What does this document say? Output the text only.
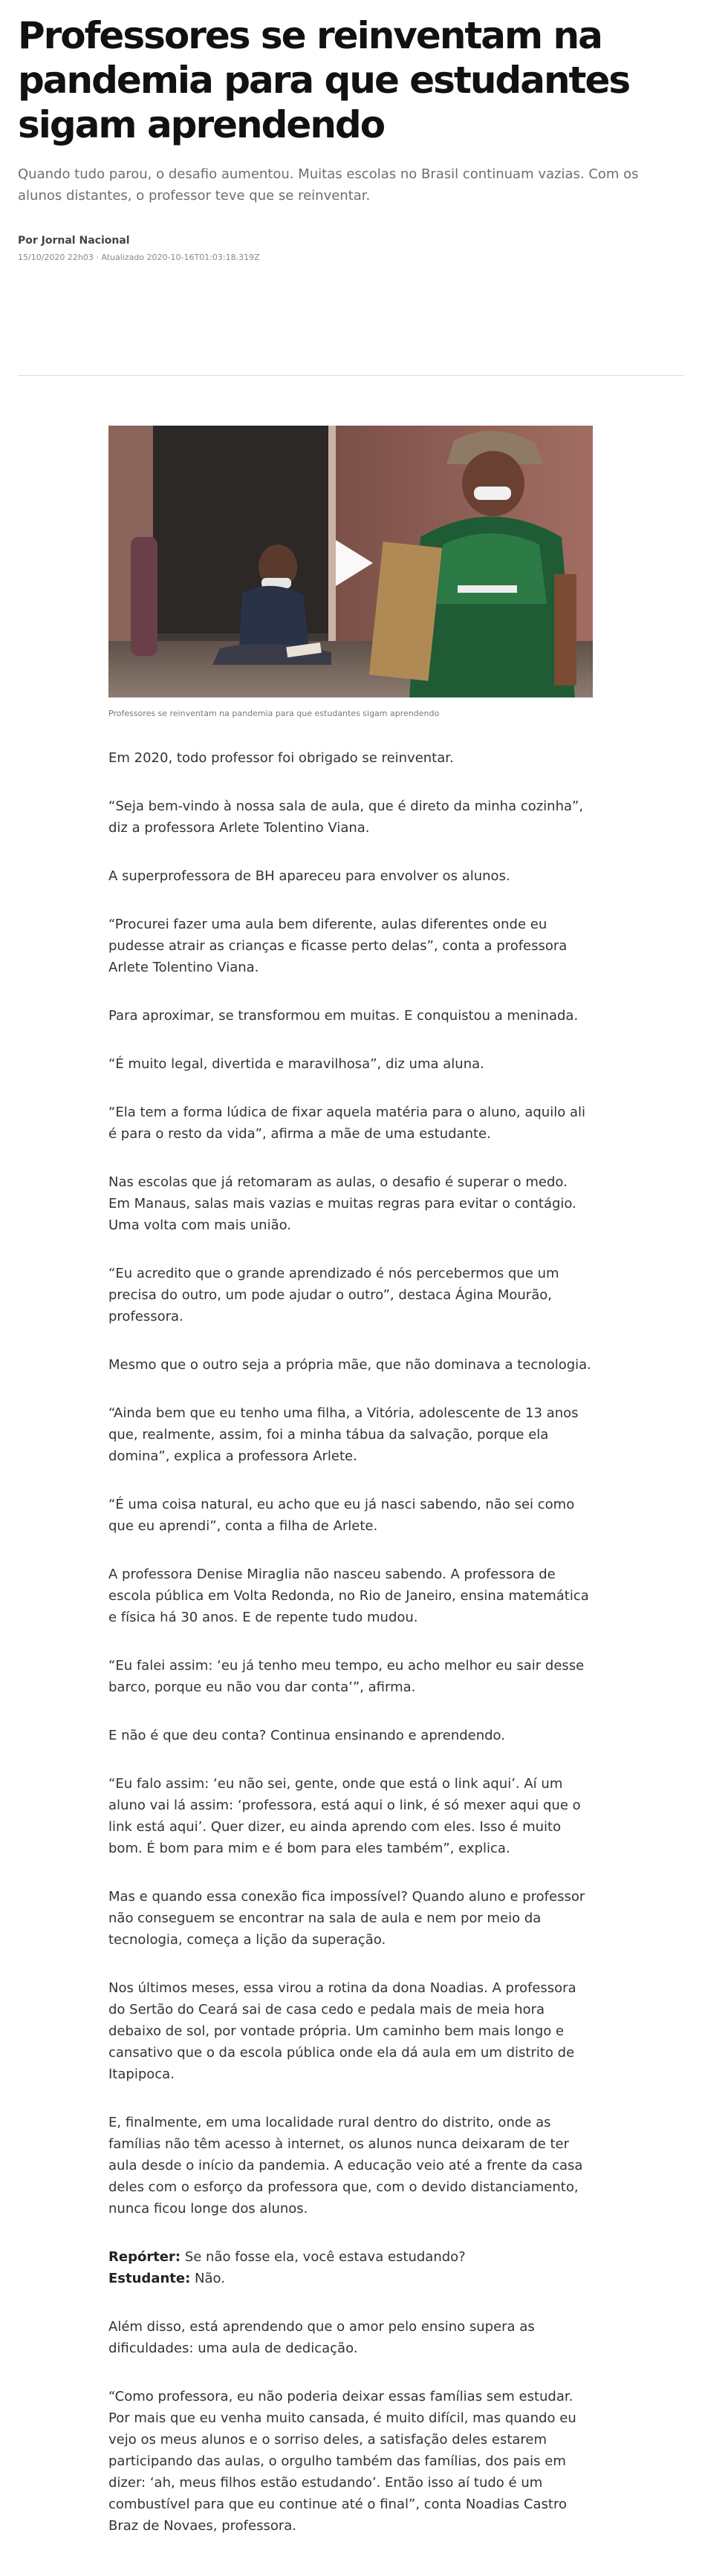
Professores se reinventam na pandemia para que estudantes sigam aprendendo

Quando tudo parou, o desafio aumentou. Muitas escolas no Brasil continuam vazias. Com os alunos distantes, o professor teve que se reinventar.

Por Jornal Nacional
15/10/2020 22h03 · Atualizado 2020-10-16T01:03:18.319Z
Professores se reinventam na pandemia para que estudantes sigam aprendendo

Em 2020, todo professor foi obrigado se reinventar.

“Seja bem-vindo à nossa sala de aula, que é direto da minha cozinha”, diz a professora Arlete Tolentino Viana.

A superprofessora de BH apareceu para envolver os alunos.

“Procurei fazer uma aula bem diferente, aulas diferentes onde eu pudesse atrair as crianças e ficasse perto delas”, conta a professora Arlete Tolentino Viana.

Para aproximar, se transformou em muitas. E conquistou a meninada.

“É muito legal, divertida e maravilhosa”, diz uma aluna.

“Ela tem a forma lúdica de fixar aquela matéria para o aluno, aquilo ali é para o resto da vida”, afirma a mãe de uma estudante.

Nas escolas que já retomaram as aulas, o desafio é superar o medo. Em Manaus, salas mais vazias e muitas regras para evitar o contágio. Uma volta com mais união.

“Eu acredito que o grande aprendizado é nós percebermos que um precisa do outro, um pode ajudar o outro”, destaca Ágina Mourão, professora.

Mesmo que o outro seja a própria mãe, que não dominava a tecnologia.

“Ainda bem que eu tenho uma filha, a Vitória, adolescente de 13 anos que, realmente, assim, foi a minha tábua da salvação, porque ela domina”, explica a professora Arlete.

“É uma coisa natural, eu acho que eu já nasci sabendo, não sei como que eu aprendi”, conta a filha de Arlete.

A professora Denise Miraglia não nasceu sabendo. A professora de escola pública em Volta Redonda, no Rio de Janeiro, ensina matemática e física há 30 anos. E de repente tudo mudou.

“Eu falei assim: ‘eu já tenho meu tempo, eu acho melhor eu sair desse barco, porque eu não vou dar conta’”, afirma.

E não é que deu conta? Continua ensinando e aprendendo.

“Eu falo assim: ‘eu não sei, gente, onde que está o link aqui’. Aí um aluno vai lá assim: ‘professora, está aqui o link, é só mexer aqui que o link está aqui’. Quer dizer, eu ainda aprendo com eles. Isso é muito bom. É bom para mim e é bom para eles também”, explica.

Mas e quando essa conexão fica impossível? Quando aluno e professor não conseguem se encontrar na sala de aula e nem por meio da tecnologia, começa a lição da superação.

Nos últimos meses, essa virou a rotina da dona Noadias. A professora do Sertão do Ceará sai de casa cedo e pedala mais de meia hora debaixo de sol, por vontade própria. Um caminho bem mais longo e cansativo que o da escola pública onde ela dá aula em um distrito de Itapipoca.

E, finalmente, em uma localidade rural dentro do distrito, onde as famílias não têm acesso à internet, os alunos nunca deixaram de ter aula desde o início da pandemia. A educação veio até a frente da casa deles com o esforço da professora que, com o devido distanciamento, nunca ficou longe dos alunos.

Repórter: Se não fosse ela, você estava estudando?

Estudante: Não.

Além disso, está aprendendo que o amor pelo ensino supera as dificuldades: uma aula de dedicação.

“Como professora, eu não poderia deixar essas famílias sem estudar. Por mais que eu venha muito cansada, é muito difícil, mas quando eu vejo os meus alunos e o sorriso deles, a satisfação deles estarem participando das aulas, o orgulho também das famílias, dos pais em dizer: ‘ah, meus filhos estão estudando’. Então isso aí tudo é um combustível para que eu continue até o final”, conta Noadias Castro Braz de Novaes, professora.
